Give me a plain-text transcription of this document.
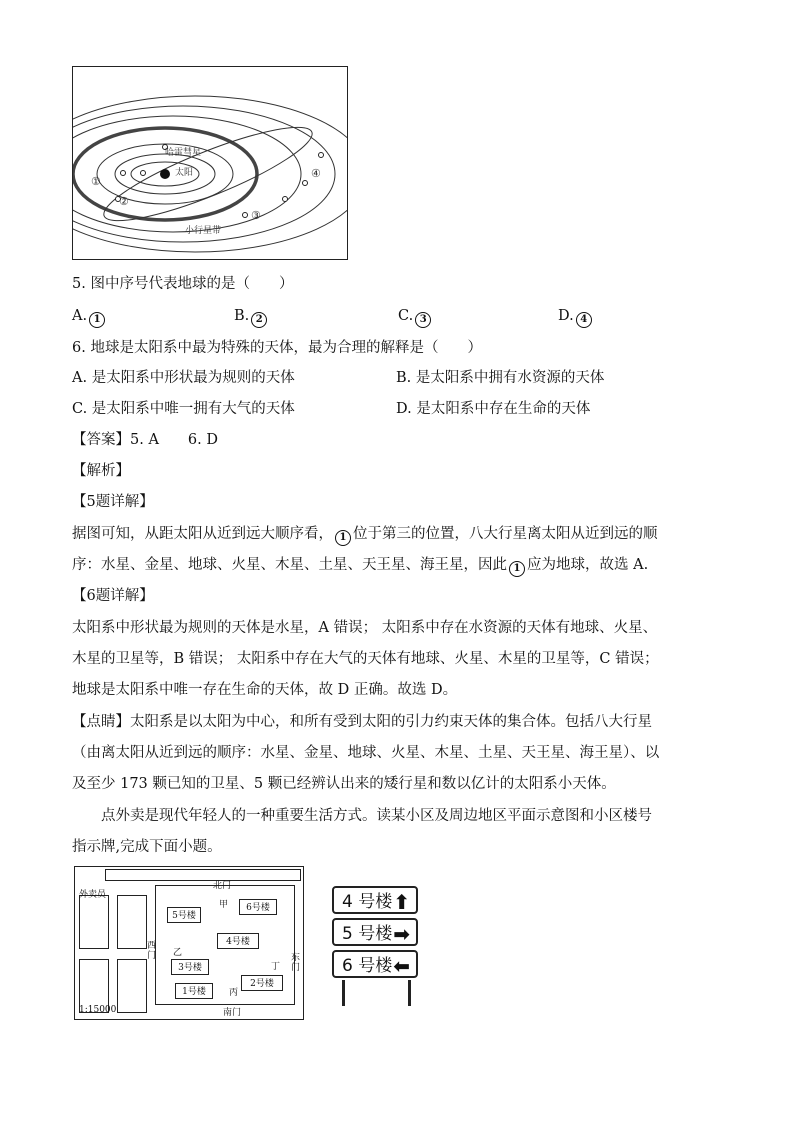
哈雷彗星
太阳
小行星带
①
②
③
④
5. 图中序号代表地球的是（　　）
A. 1	B. 2	C. 3	D. 4
6. 地球是太阳系中最为特殊的天体，最为合理的解释是（　　）
A. 是太阳系中形状最为规则的天体	B. 是太阳系中拥有水资源的天体
C. 是太阳系中唯一拥有大气的天体	D. 是太阳系中存在生命的天体
【答案】5. A　　6. D
【解析】
【5题详解】
据图可知，从距太阳从近到远大顺序看， 1 位于第三的位置，八大行星离太阳从近到远的顺
序：水星、金星、地球、火星、木星、土星、天王星、海王星，因此 1 应为地球，故选 A.
【6题详解】
太阳系中形状最为规则的天体是水星，A 错误； 太阳系中存在水资源的天体有地球、火星、
木星的卫星等，B 错误； 太阳系中存在大气的天体有地球、火星、木星的卫星等，C 错误；
地球是太阳系中唯一存在生命的天体，故 D 正确。故选 D。
【点睛】太阳系是以太阳为中心，和所有受到太阳的引力约束天体的集合体。包括八大行星
（由离太阳从近到远的顺序：水星、金星、地球、火星、木星、土星、天王星、海王星）、以
及至少 173 颗已知的卫星、5 颗已经辨认出来的矮行星和数以亿计的太阳系小天体。
　　点外卖是现代年轻人的一种重要生活方式。读某小区及周边地区平面示意图和小区楼号
指示牌,完成下面小题。
北门
南门
西门	东门
外卖员
1:15000
5号楼
6号楼
4号楼
3号楼
1号楼
2号楼
甲
乙
丙
丁
4 号楼 ⬆
5 号楼 ➡
6 号楼 ⬅
